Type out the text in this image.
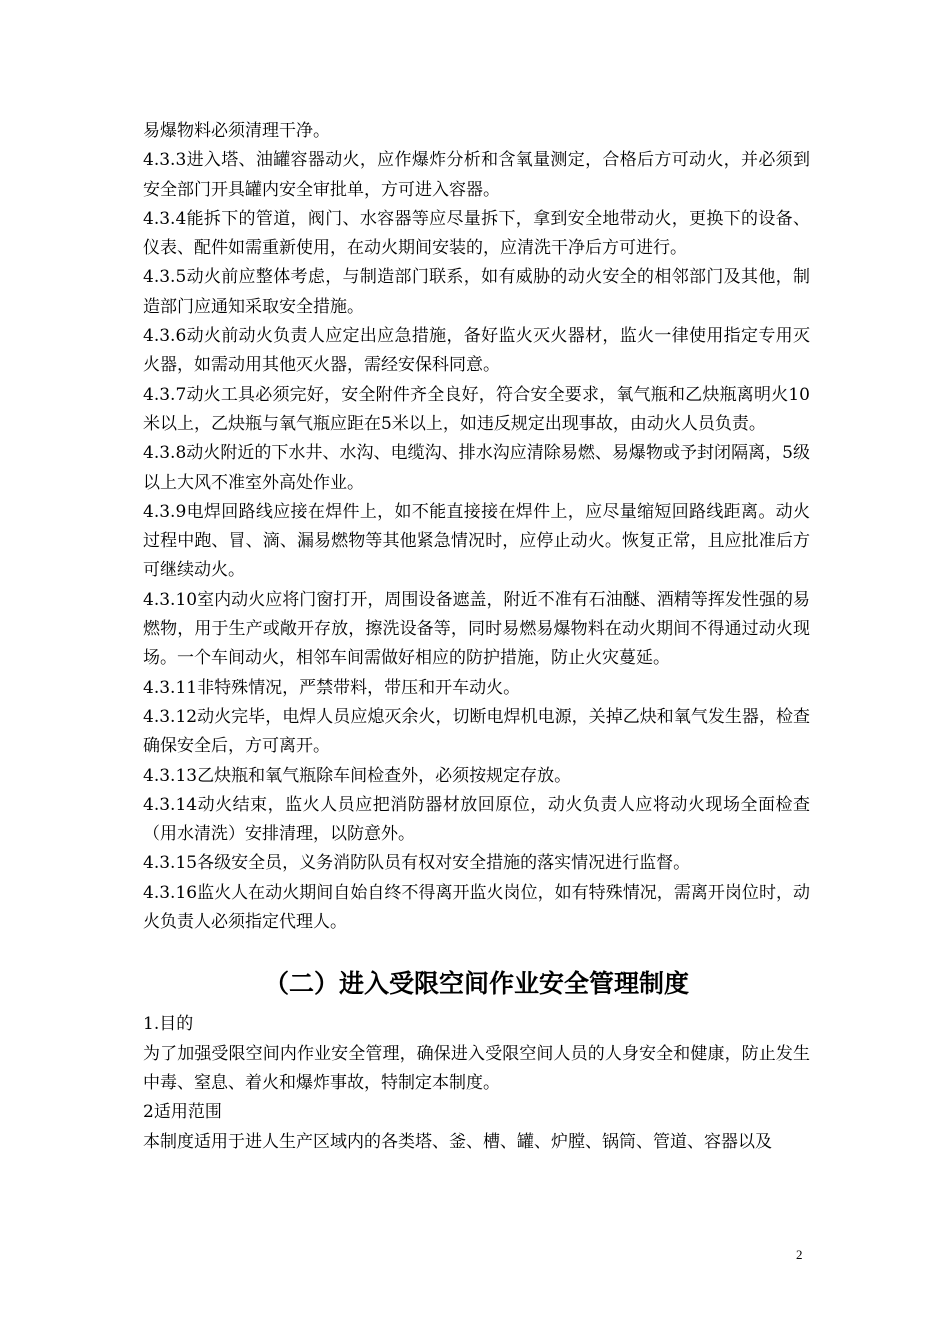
易爆物料必须清理干净。

4.3.3进入塔、油罐容器动火，应作爆炸分析和含氧量测定，合格后方可动火，并必须到安全部门开具罐内安全审批单，方可进入容器。

4.3.4能拆下的管道，阀门、水容器等应尽量拆下，拿到安全地带动火，更换下的设备、仪表、配件如需重新使用，在动火期间安装的，应清洗干净后方可进行。

4.3.5动火前应整体考虑，与制造部门联系，如有威胁的动火安全的相邻部门及其他，制造部门应通知采取安全措施。

4.3.6动火前动火负责人应定出应急措施，备好监火灭火器材，监火一律使用指定专用灭火器，如需动用其他灭火器，需经安保科同意。

4.3.7动火工具必须完好，安全附件齐全良好，符合安全要求，氧气瓶和乙炔瓶离明火10米以上，乙炔瓶与氧气瓶应距在5米以上，如违反规定出现事故，由动火人员负责。

4.3.8动火附近的下水井、水沟、电缆沟、排水沟应清除易燃、易爆物或予封闭隔离，5级以上大风不准室外高处作业。

4.3.9电焊回路线应接在焊件上，如不能直接接在焊件上，应尽量缩短回路线距离。动火过程中跑、冒、滴、漏易燃物等其他紧急情况时，应停止动火。恢复正常，且应批准后方可继续动火。

4.3.10室内动火应将门窗打开，周围设备遮盖，附近不准有石油醚、酒精等挥发性强的易燃物，用于生产或敞开存放，擦洗设备等，同时易燃易爆物料在动火期间不得通过动火现场。一个车间动火，相邻车间需做好相应的防护措施，防止火灾蔓延。

4.3.11非特殊情况，严禁带料，带压和开车动火。

4.3.12动火完毕，电焊人员应熄灭余火，切断电焊机电源，关掉乙炔和氧气发生器，检查确保安全后，方可离开。

4.3.13乙炔瓶和氧气瓶除车间检查外，必须按规定存放。

4.3.14动火结束，监火人员应把消防器材放回原位，动火负责人应将动火现场全面检查（用水清洗）安排清理，以防意外。

4.3.15各级安全员，义务消防队员有权对安全措施的落实情况进行监督。

4.3.16监火人在动火期间自始自终不得离开监火岗位，如有特殊情况，需离开岗位时，动火负责人必须指定代理人。

（二）进入受限空间作业安全管理制度

1.目的

为了加强受限空间内作业安全管理，确保进入受限空间人员的人身安全和健康，防止发生中毒、窒息、着火和爆炸事故，特制定本制度。

2适用范围

本制度适用于进人生产区域内的各类塔、釜、槽、罐、炉膛、锅筒、管道、容器以及

2
